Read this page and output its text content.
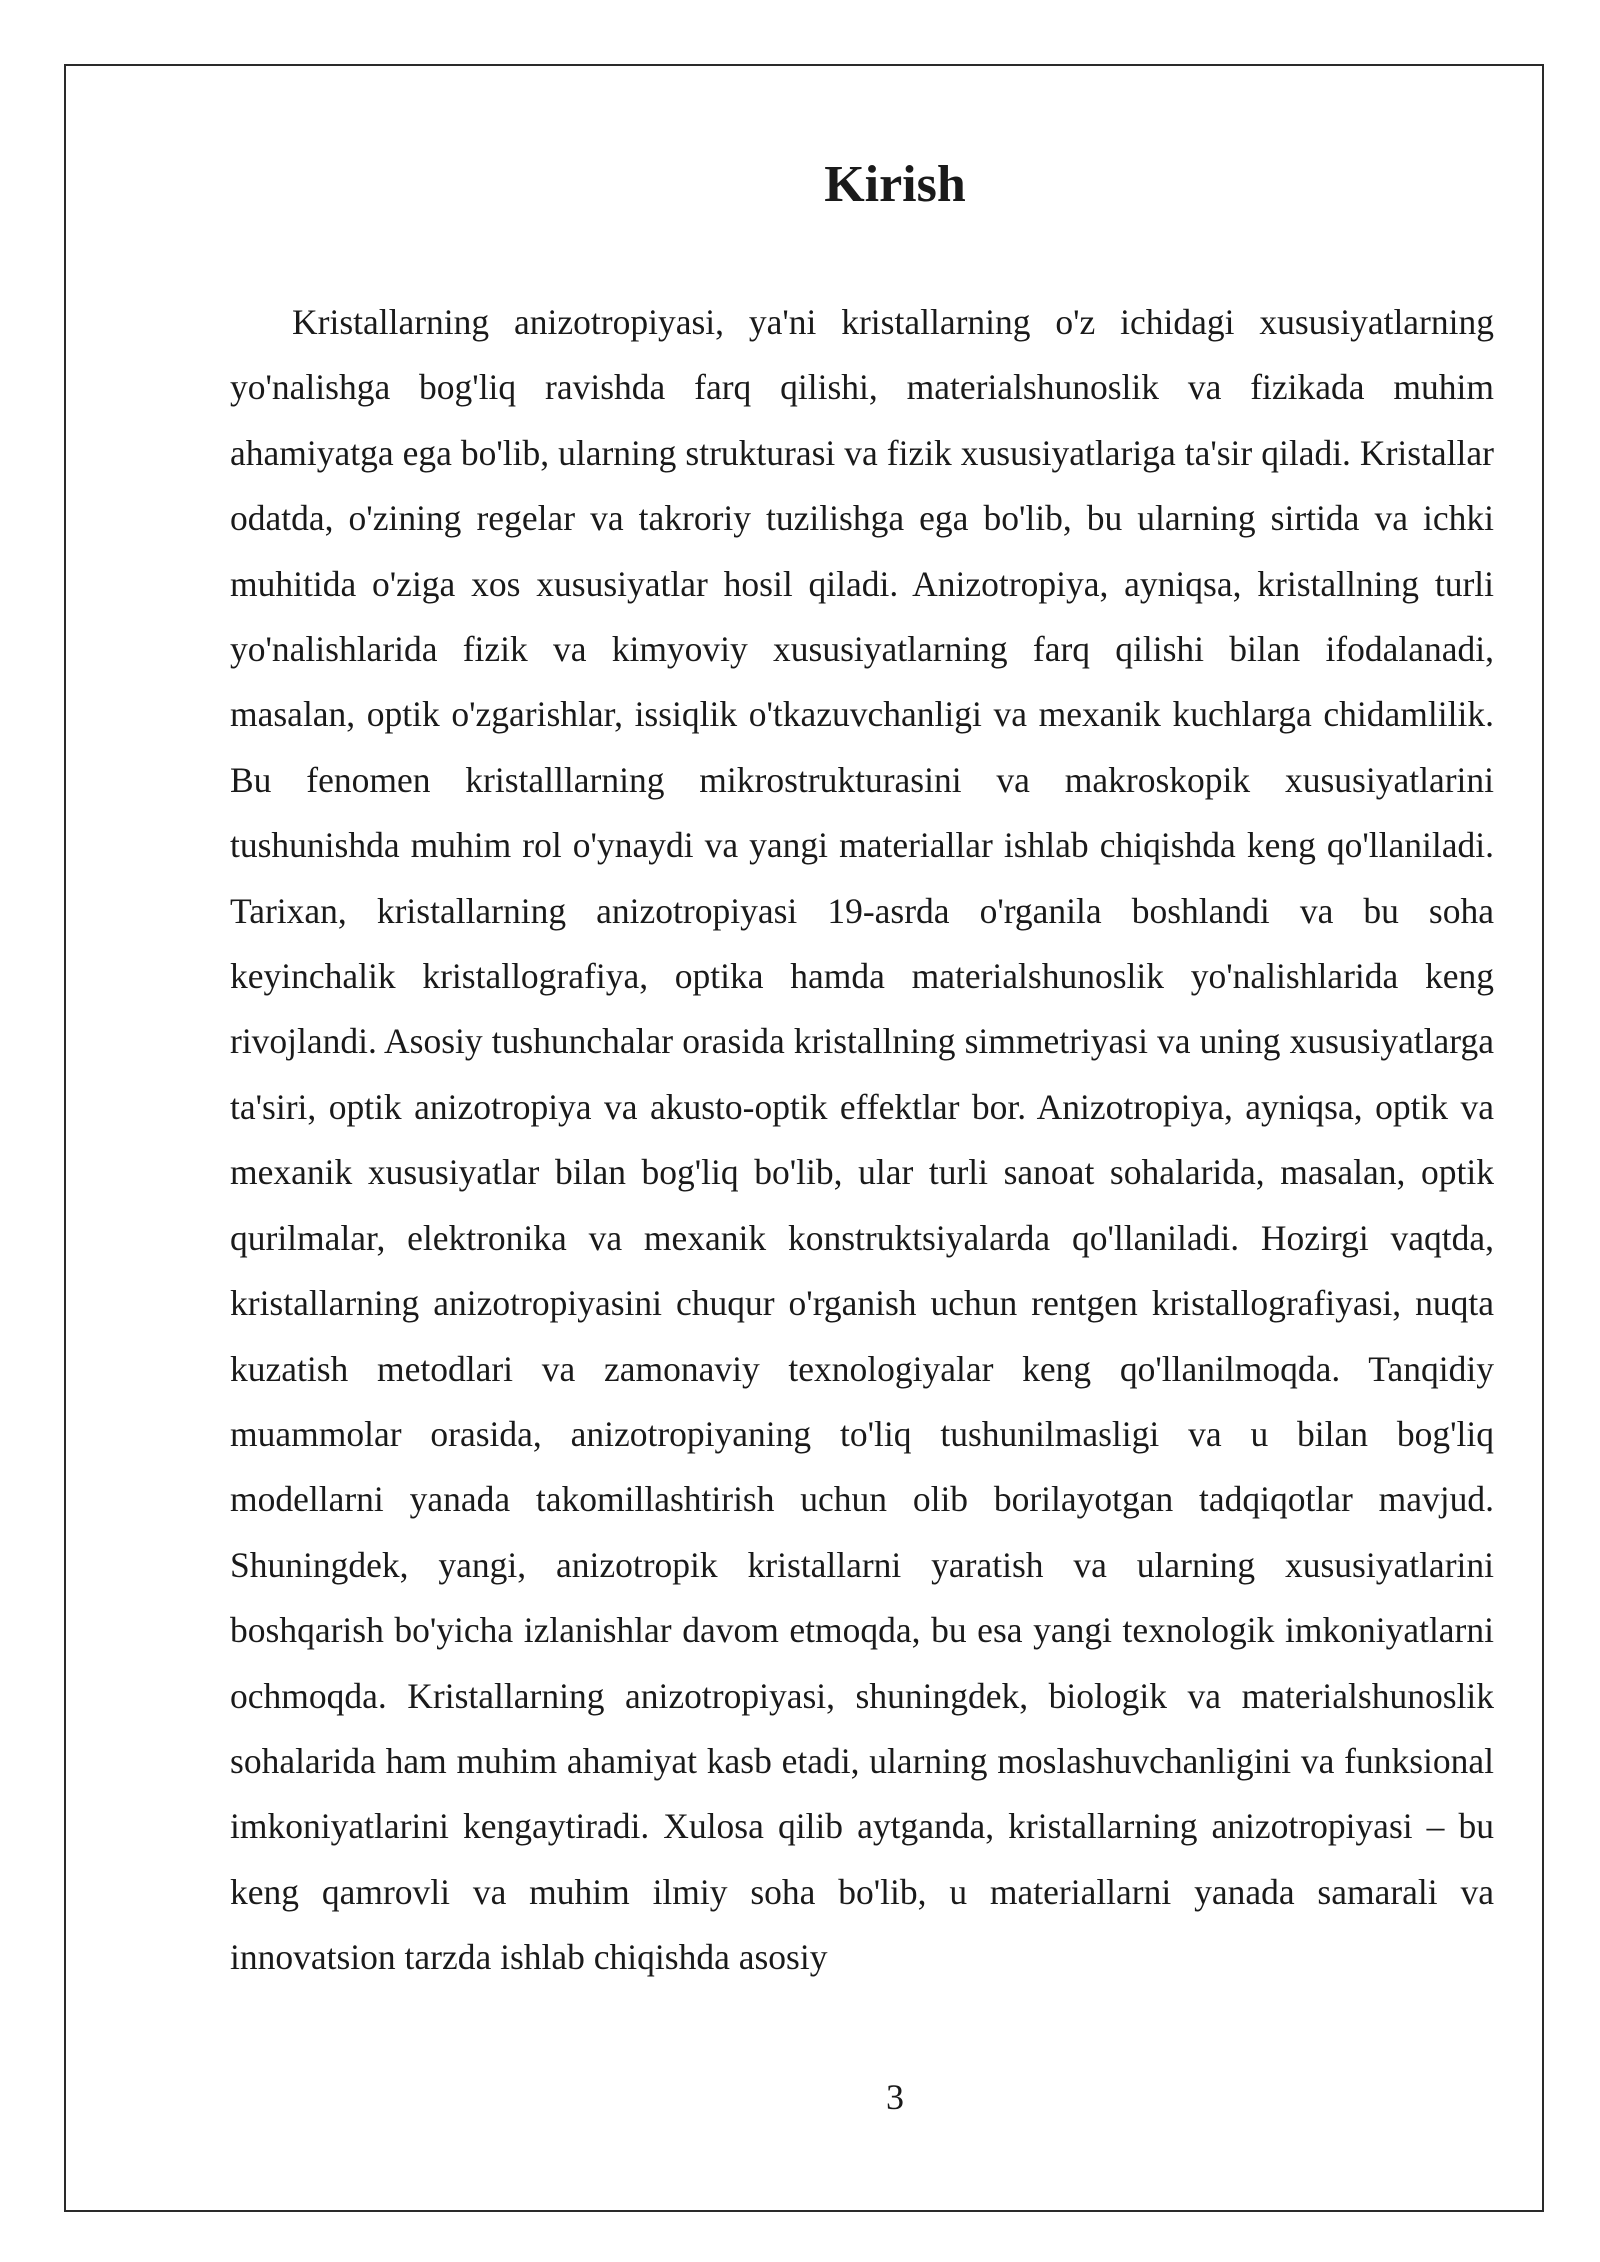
Kirish

Kristallarning anizotropiyasi, ya'ni kristallarning o'z ichidagi xususiyatlarning yo'nalishga bog'liq ravishda farq qilishi, materialshunoslik va fizikada muhim ahamiyatga ega bo'lib, ularning strukturasi va fizik xususiyatlariga ta'sir qiladi. Kristallar odatda, o'zining regelar va takroriy tuzilishga ega bo'lib, bu ularning sirtida va ichki muhitida o'ziga xos xususiyatlar hosil qiladi. Anizotropiya, ayniqsa, kristallning turli yo'nalishlarida fizik va kimyoviy xususiyatlarning farq qilishi bilan ifodalanadi, masalan, optik o'zgarishlar, issiqlik o'tkazuvchanligi va mexanik kuchlarga chidamlilik. Bu fenomen kristalllarning mikrostrukturasini va makroskopik xususiyatlarini tushunishda muhim rol o'ynaydi va yangi materiallar ishlab chiqishda keng qo'llaniladi. Tarixan, kristallarning anizotropiyasi 19-asrda o'rganila boshlandi va bu soha keyinchalik kristallografiya, optika hamda materialshunoslik yo'nalishlarida keng rivojlandi. Asosiy tushunchalar orasida kristallning simmetriyasi va uning xususiyatlarga ta'siri, optik anizotropiya va akusto-optik effektlar bor. Anizotropiya, ayniqsa, optik va mexanik xususiyatlar bilan bog'liq bo'lib, ular turli sanoat sohalarida, masalan, optik qurilmalar, elektronika va mexanik konstruktsiyalarda qo'llaniladi. Hozirgi vaqtda, kristallarning anizotropiyasini chuqur o'rganish uchun rentgen kristallografiyasi, nuqta kuzatish metodlari va zamonaviy texnologiyalar keng qo'llanilmoqda. Tanqidiy muammolar orasida, anizotropiyaning to'liq tushunilmasligi va u bilan bog'liq modellarni yanada takomillashtirish uchun olib borilayotgan tadqiqotlar mavjud. Shuningdek, yangi, anizotropik kristallarni yaratish va ularning xususiyatlarini boshqarish bo'yicha izlanishlar davom etmoqda, bu esa yangi texnologik imkoniyatlarni ochmoqda. Kristallarning anizotropiyasi, shuningdek, biologik va materialshunoslik sohalarida ham muhim ahamiyat kasb etadi, ularning moslashuvchanligini va funksional imkoniyatlarini kengaytiradi. Xulosa qilib aytganda, kristallarning anizotropiyasi – bu keng qamrovli va muhim ilmiy soha bo'lib, u materiallarni yanada samarali va innovatsion tarzda ishlab chiqishda asosiy

3
